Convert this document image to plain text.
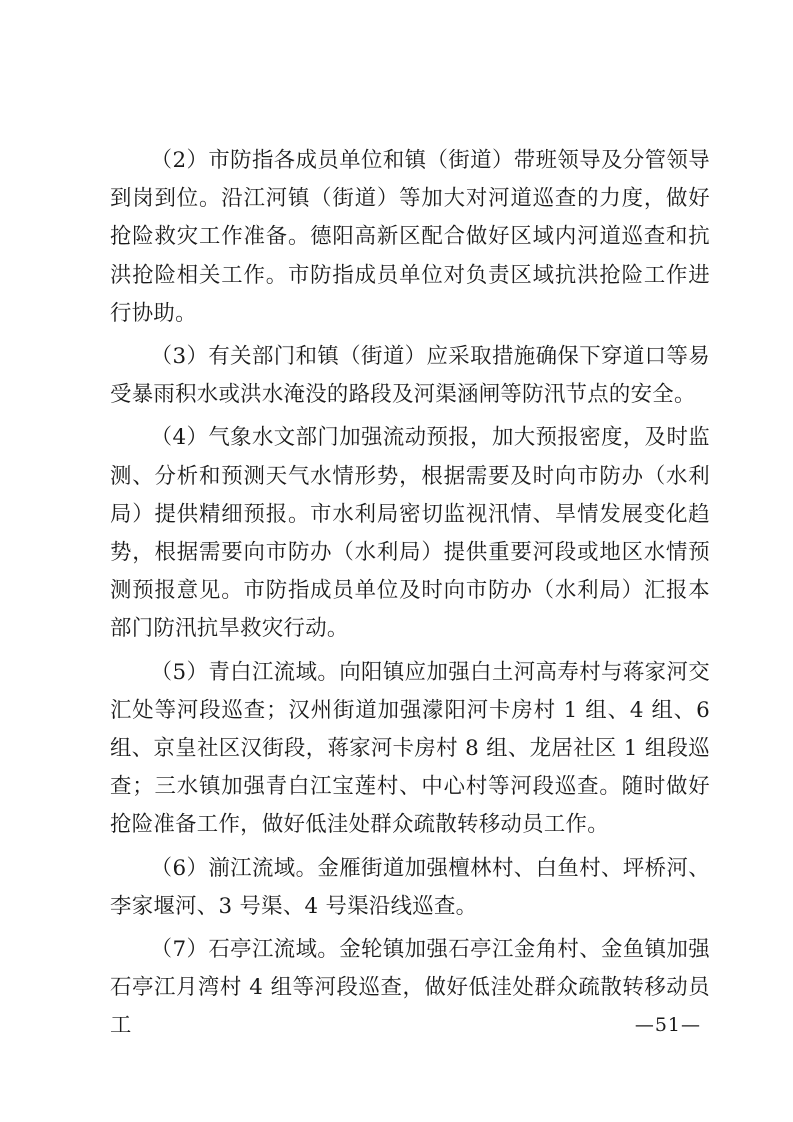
（2）市防指各成员单位和镇（街道）带班领导及分管领导到岗到位。沿江河镇（街道）等加大对河道巡查的力度，做好抢险救灾工作准备。德阳高新区配合做好区域内河道巡查和抗洪抢险相关工作。市防指成员单位对负责区域抗洪抢险工作进行协助。

（3）有关部门和镇（街道）应采取措施确保下穿道口等易受暴雨积水或洪水淹没的路段及河渠涵闸等防汛节点的安全。

（4）气象水文部门加强流动预报，加大预报密度，及时监测、分析和预测天气水情形势，根据需要及时向市防办（水利局）提供精细预报。市水利局密切监视汛情、旱情发展变化趋势，根据需要向市防办（水利局）提供重要河段或地区水情预测预报意见。市防指成员单位及时向市防办（水利局）汇报本部门防汛抗旱救灾行动。

（5）青白江流域。向阳镇应加强白土河高寿村与蒋家河交汇处等河段巡查；汉州街道加强濛阳河卡房村 1 组、4 组、6 组、京皇社区汉街段，蒋家河卡房村 8 组、龙居社区 1 组段巡查；三水镇加强青白江宝莲村、中心村等河段巡查。随时做好抢险准备工作，做好低洼处群众疏散转移动员工作。

（6）湔江流域。金雁街道加强檀林村、白鱼村、坪桥河、李家堰河、3 号渠、4 号渠沿线巡查。

（7）石亭江流域。金轮镇加强石亭江金角村、金鱼镇加强石亭江月湾村 4 组等河段巡查，做好低洼处群众疏散转移动员工	—51—
